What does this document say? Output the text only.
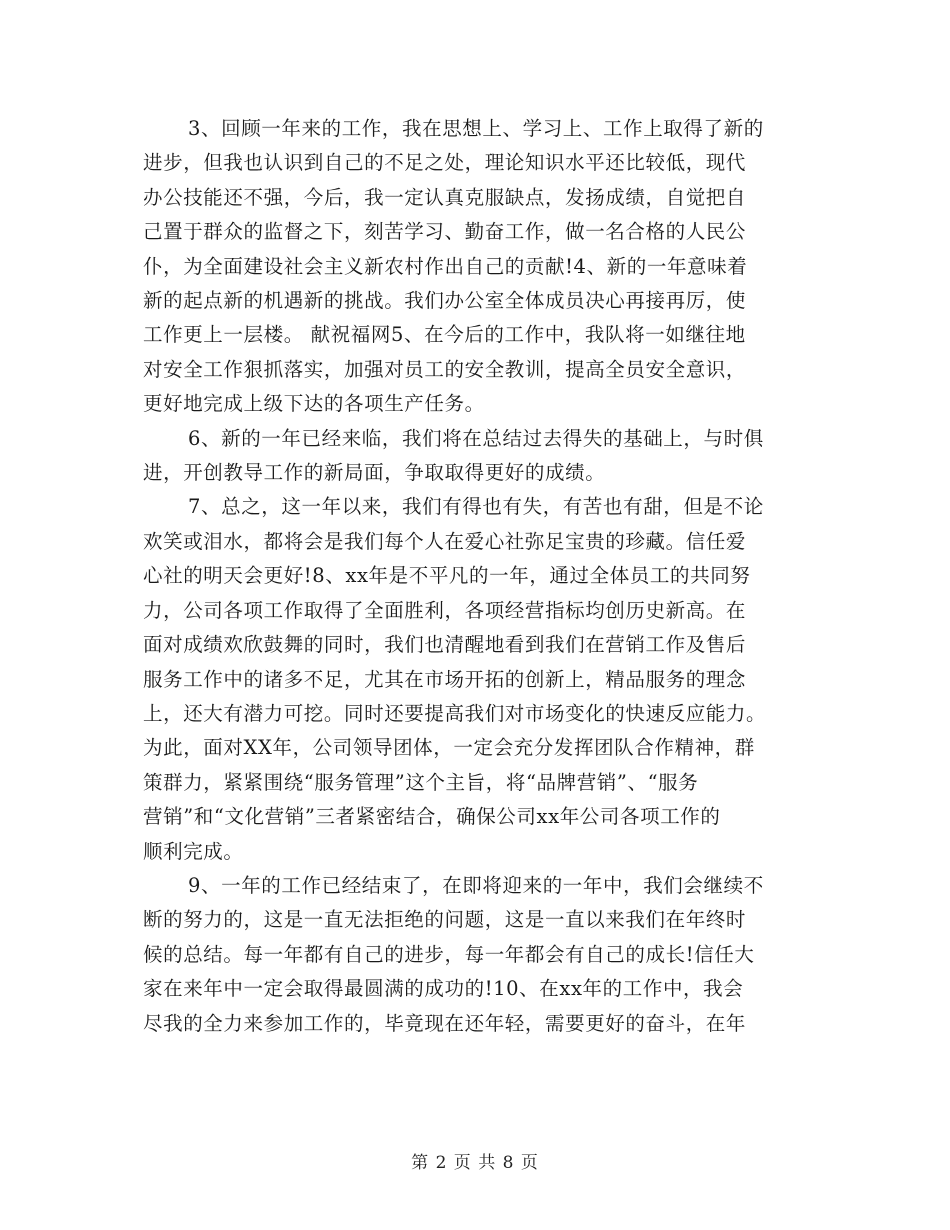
3、回顾一年来的工作，我在思想上、学习上、工作上取得了新的
进步，但我也认识到自己的不足之处，理论知识水平还比较低，现代
办公技能还不强，今后，我一定认真克服缺点，发扬成绩，自觉把自
己置于群众的监督之下，刻苦学习、勤奋工作，做一名合格的人民公
仆，为全面建设社会主义新农村作出自己的贡献!4、新的一年意味着
新的起点新的机遇新的挑战。我们办公室全体成员决心再接再厉，使
工作更上一层楼。 献祝福网5、在今后的工作中，我队将一如继往地
对安全工作狠抓落实，加强对员工的安全教训，提高全员安全意识，
更好地完成上级下达的各项生产任务。

6、新的一年已经来临，我们将在总结过去得失的基础上，与时俱
进，开创教导工作的新局面，争取取得更好的成绩。

7、总之，这一年以来，我们有得也有失，有苦也有甜，但是不论
欢笑或泪水，都将会是我们每个人在爱心社弥足宝贵的珍藏。信任爱
心社的明天会更好!8、xx年是不平凡的一年，通过全体员工的共同努
力，公司各项工作取得了全面胜利，各项经营指标均创历史新高。在
面对成绩欢欣鼓舞的同时，我们也清醒地看到我们在营销工作及售后
服务工作中的诸多不足，尤其在市场开拓的创新上，精品服务的理念
上，还大有潜力可挖。同时还要提高我们对市场变化的快速反应能力。
为此，面对XX年，公司领导团体，一定会充分发挥团队合作精神，群
策群力，紧紧围绕“服务管理”这个主旨，将“品牌营销”、“服务
营销”和“文化营销”三者紧密结合，确保公司xx年公司各项工作的
顺利完成。

9、一年的工作已经结束了，在即将迎来的一年中，我们会继续不
断的努力的，这是一直无法拒绝的问题，这是一直以来我们在年终时
候的总结。每一年都有自己的进步，每一年都会有自己的成长!信任大
家在来年中一定会取得最圆满的成功的!10、在xx年的工作中，我会
尽我的全力来参加工作的，毕竟现在还年轻，需要更好的奋斗，在年

第 2 页 共 8 页
